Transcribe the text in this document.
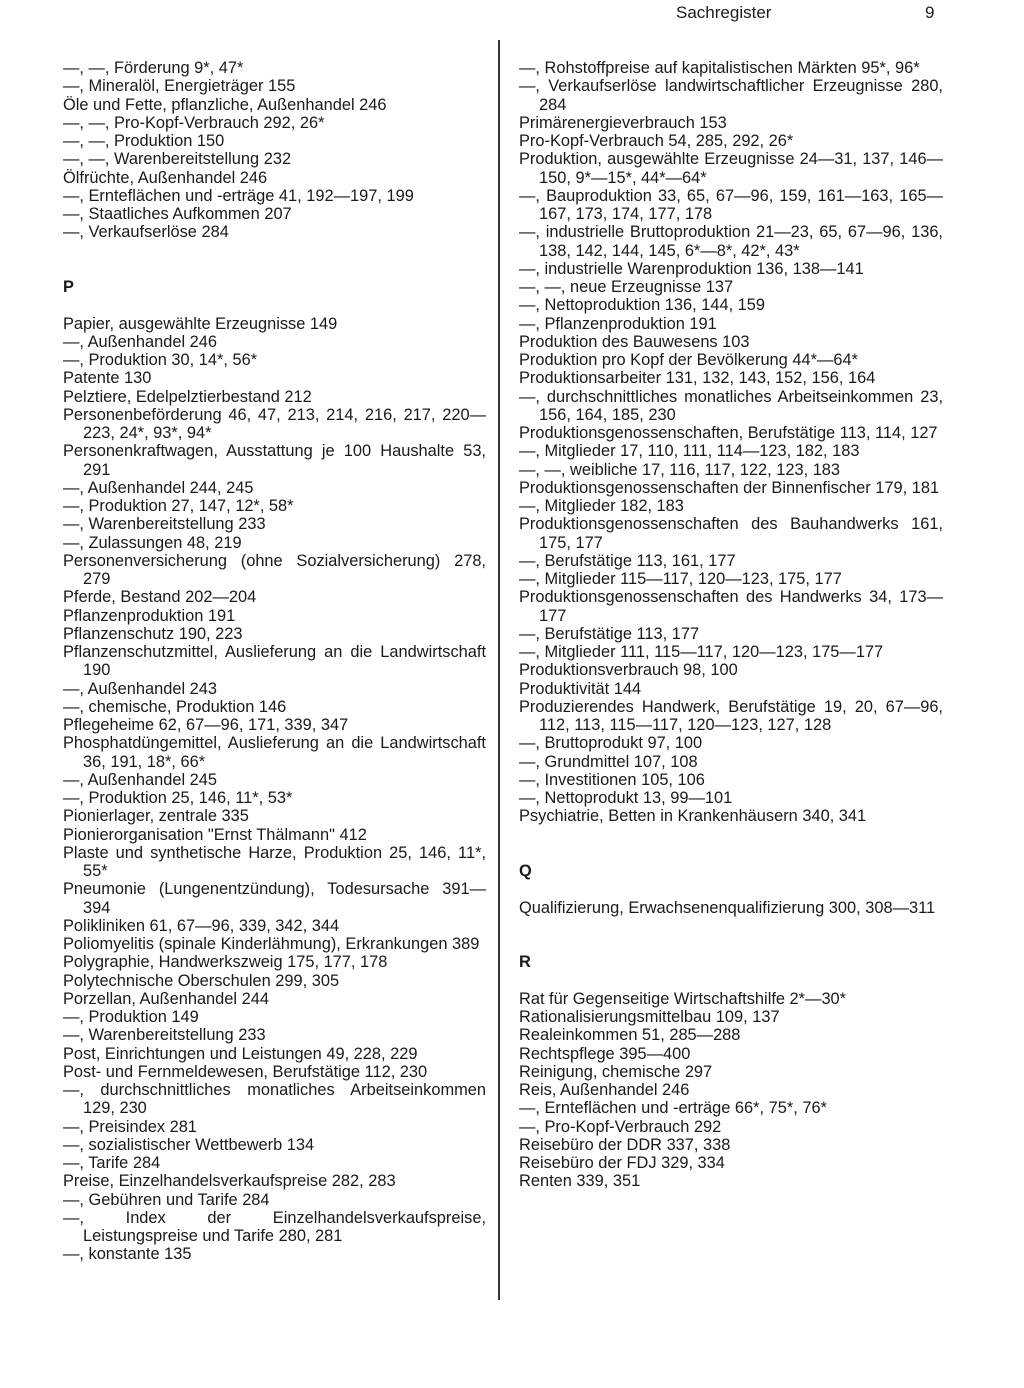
Sachregister	9
—, —, Förderung 9*, 47*
—, Mineralöl, Energieträger 155
Öle und Fette, pflanzliche, Außenhandel 246
—, —, Pro-Kopf-Verbrauch 292, 26*
—, —, Produktion 150
—, —, Warenbereitstellung 232
Ölfrüchte, Außenhandel 246
—, Ernteflächen und -erträge 41, 192—197, 199
—, Staatliches Aufkommen 207
—, Verkaufserlöse 284
P
Papier, ausgewählte Erzeugnisse 149
—, Außenhandel 246
—, Produktion 30, 14*, 56*
Patente 130
Pelztiere, Edelpelztierbestand 212
Personenbeförderung 46, 47, 213, 214, 216, 217, 220—223, 24*, 93*, 94*
Personenkraftwagen, Ausstattung je 100 Haushalte 53, 291
—, Außenhandel 244, 245
—, Produktion 27, 147, 12*, 58*
—, Warenbereitstellung 233
—, Zulassungen 48, 219
Personenversicherung (ohne Sozialversicherung) 278, 279
Pferde, Bestand 202—204
Pflanzenproduktion 191
Pflanzenschutz 190, 223
Pflanzenschutzmittel, Auslieferung an die Landwirtschaft 190
—, Außenhandel 243
—, chemische, Produktion 146
Pflegeheime 62, 67—96, 171, 339, 347
Phosphatdüngemittel, Auslieferung an die Landwirtschaft 36, 191, 18*, 66*
—, Außenhandel 245
—, Produktion 25, 146, 11*, 53*
Pionierlager, zentrale 335
Pionierorganisation "Ernst Thälmann" 412
Plaste und synthetische Harze, Produktion 25, 146, 11*, 55*
Pneumonie (Lungenentzündung), Todesursache 391—394
Polikliniken 61, 67—96, 339, 342, 344
Poliomyelitis (spinale Kinderlähmung), Erkrankungen 389
Polygraphie, Handwerkszweig 175, 177, 178
Polytechnische Oberschulen 299, 305
Porzellan, Außenhandel 244
—, Produktion 149
—, Warenbereitstellung 233
Post, Einrichtungen und Leistungen 49, 228, 229
Post- und Fernmeldewesen, Berufstätige 112, 230
—, durchschnittliches monatliches Arbeitseinkommen 129, 230
—, Preisindex 281
—, sozialistischer Wettbewerb 134
—, Tarife 284
Preise, Einzelhandelsverkaufspreise 282, 283
—, Gebühren und Tarife 284
—, Index der Einzelhandelsverkaufspreise, Leistungspreise und Tarife 280, 281
—, konstante 135
—, Rohstoffpreise auf kapitalistischen Märkten 95*, 96*
—, Verkaufserlöse landwirtschaftlicher Erzeugnisse 280, 284
Primärenergieverbrauch 153
Pro-Kopf-Verbrauch 54, 285, 292, 26*
Produktion, ausgewählte Erzeugnisse 24—31, 137, 146—150, 9*—15*, 44*—64*
—, Bauproduktion 33, 65, 67—96, 159, 161—163, 165—167, 173, 174, 177, 178
—, industrielle Bruttoproduktion 21—23, 65, 67—96, 136, 138, 142, 144, 145, 6*—8*, 42*, 43*
—, industrielle Warenproduktion 136, 138—141
—, —, neue Erzeugnisse 137
—, Nettoproduktion 136, 144, 159
—, Pflanzenproduktion 191
Produktion des Bauwesens 103
Produktion pro Kopf der Bevölkerung 44*—64*
Produktionsarbeiter 131, 132, 143, 152, 156, 164
—, durchschnittliches monatliches Arbeitseinkommen 23, 156, 164, 185, 230
Produktionsgenossenschaften, Berufstätige 113, 114, 127
—, Mitglieder 17, 110, 111, 114—123, 182, 183
—, —, weibliche 17, 116, 117, 122, 123, 183
Produktionsgenossenschaften der Binnenfischer 179, 181
—, Mitglieder 182, 183
Produktionsgenossenschaften des Bauhandwerks 161, 175, 177
—, Berufstätige 113, 161, 177
—, Mitglieder 115—117, 120—123, 175, 177
Produktionsgenossenschaften des Handwerks 34, 173—177
—, Berufstätige 113, 177
—, Mitglieder 111, 115—117, 120—123, 175—177
Produktionsverbrauch 98, 100
Produktivität 144
Produzierendes Handwerk, Berufstätige 19, 20, 67—96, 112, 113, 115—117, 120—123, 127, 128
—, Bruttoprodukt 97, 100
—, Grundmittel 107, 108
—, Investitionen 105, 106
—, Nettoprodukt 13, 99—101
Psychiatrie, Betten in Krankenhäusern 340, 341
Q
Qualifizierung, Erwachsenenqualifizierung 300, 308—311
R
Rat für Gegenseitige Wirtschaftshilfe 2*—30*
Rationalisierungsmittelbau 109, 137
Realeinkommen 51, 285—288
Rechtspflege 395—400
Reinigung, chemische 297
Reis, Außenhandel 246
—, Ernteflächen und -erträge 66*, 75*, 76*
—, Pro-Kopf-Verbrauch 292
Reisebüro der DDR 337, 338
Reisebüro der FDJ 329, 334
Renten 339, 351
